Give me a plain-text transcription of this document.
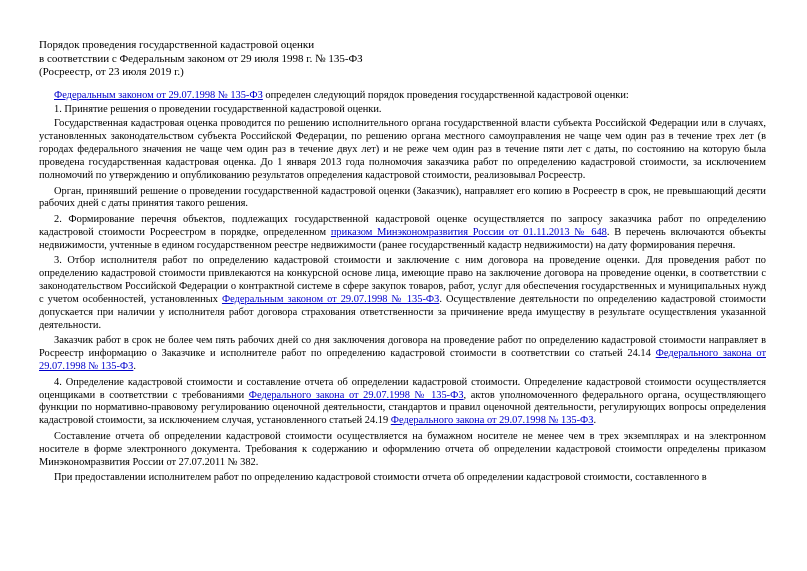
Порядок проведения государственной кадастровой оценки
в соответствии с Федеральным законом от 29 июля 1998 г. № 135-ФЗ
(Росреестр, от 23 июля 2019 г.)

Федеральным законом от 29.07.1998 № 135-ФЗ определен следующий порядок проведения государственной кадастровой оценки:

1. Принятие решения о проведении государственной кадастровой оценки.

Государственная кадастровая оценка проводится по решению исполнительного органа государственной власти субъекта Российской Федерации или в случаях, установленных законодательством субъекта Российской Федерации, по решению органа местного самоуправления не чаще чем один раз в течение трех лет (в городах федерального значения не чаще чем один раз в течение двух лет) и не реже чем один раз в течение пяти лет с даты, по состоянию на которую была проведена государственная кадастровая оценка. До 1 января 2013 года полномочия заказчика работ по определению кадастровой стоимости, за исключением полномочий по утверждению и опубликованию результатов определения кадастровой стоимости, реализовывал Росреестр.

Орган, принявший решение о проведении государственной кадастровой оценки (Заказчик), направляет его копию в Росреестр в срок, не превышающий десяти рабочих дней с даты принятия такого решения.

2. Формирование перечня объектов, подлежащих государственной кадастровой оценке осуществляется по запросу заказчика работ по определению кадастровой стоимости Росреестром в порядке, определенном приказом Минэкономразвития России от 01.11.2013 № 648. В перечень включаются объекты недвижимости, учтенные в едином государственном реестре недвижимости (ранее государственный кадастр недвижимости) на дату формирования перечня.

3. Отбор исполнителя работ по определению кадастровой стоимости и заключение с ним договора на проведение оценки. Для проведения работ по определению кадастровой стоимости привлекаются на конкурсной основе лица, имеющие право на заключение договора на проведение оценки, в соответствии с законодательством Российской Федерации о контрактной системе в сфере закупок товаров, работ, услуг для обеспечения государственных и муниципальных нужд с учетом особенностей, установленных Федеральным законом от 29.07.1998 № 135-ФЗ. Осуществление деятельности по определению кадастровой стоимости допускается при наличии у исполнителя работ договора страхования ответственности за причинение вреда имуществу в результате осуществления указанной деятельности.

Заказчик работ в срок не более чем пять рабочих дней со дня заключения договора на проведение работ по определению кадастровой стоимости направляет в Росреестр информацию о Заказчике и исполнителе работ по определению кадастровой стоимости в соответствии со статьей 24.14 Федерального закона от 29.07.1998 № 135-ФЗ.

4. Определение кадастровой стоимости и составление отчета об определении кадастровой стоимости. Определение кадастровой стоимости осуществляется оценщиками в соответствии с требованиями Федерального закона от 29.07.1998 № 135-ФЗ, актов уполномоченного федерального органа, осуществляющего функции по нормативно-правовому регулированию оценочной деятельности, стандартов и правил оценочной деятельности, регулирующих вопросы определения кадастровой стоимости, за исключением случая, установленного статьей 24.19 Федерального закона от 29.07.1998 № 135-ФЗ.

Составление отчета об определении кадастровой стоимости осуществляется на бумажном носителе не менее чем в трех экземплярах и на электронном носителе в форме электронного документа. Требования к содержанию и оформлению отчета об определении кадастровой стоимости определены приказом Минэкономразвития России от 27.07.2011 № 382.

При предоставлении исполнителем работ по определению кадастровой стоимости отчета об определении кадастровой стоимости, составленного в
